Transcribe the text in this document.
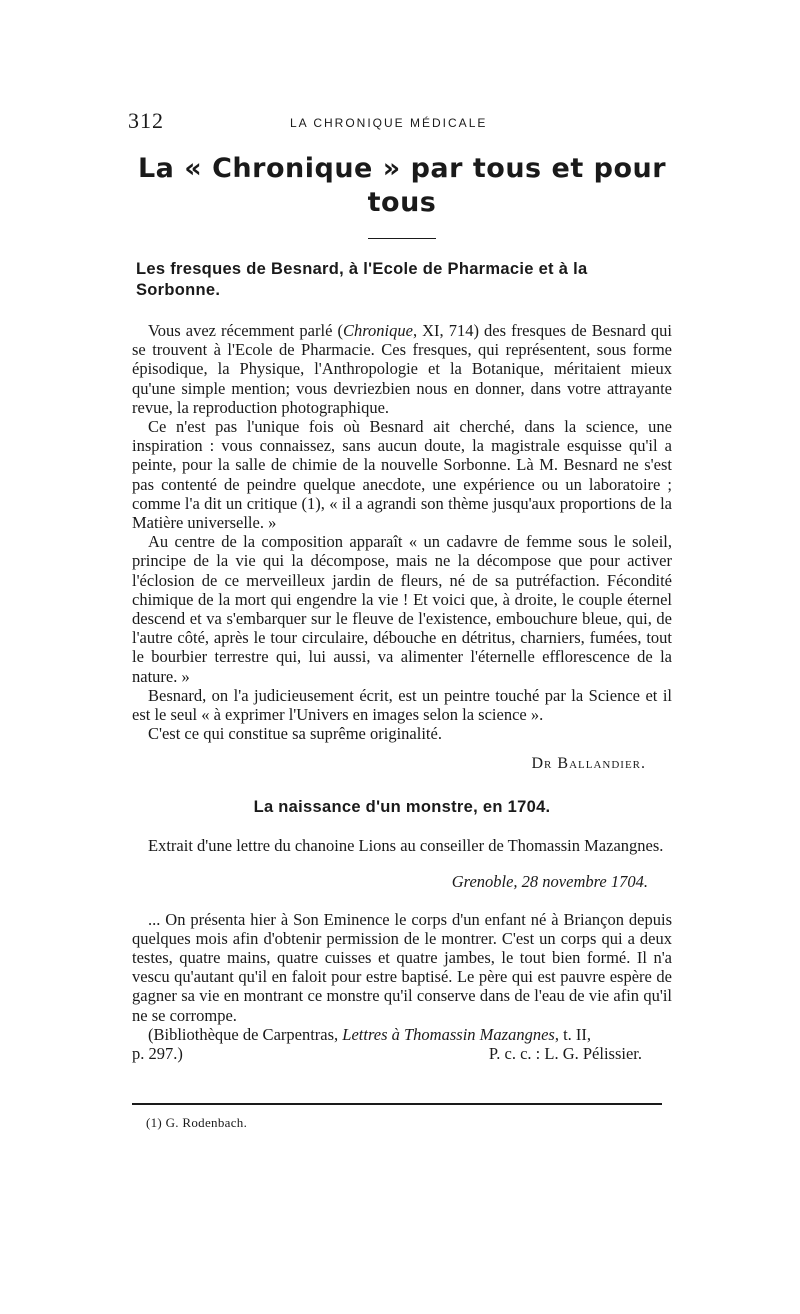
312	LA CHRONIQUE MÉDICALE
La « Chronique » par tous et pour tous
Les fresques de Besnard, à l'Ecole de Pharmacie et à la Sorbonne.

Vous avez récemment parlé (Chronique, XI, 714) des fresques de Besnard qui se trouvent à l'Ecole de Pharmacie. Ces fresques, qui représentent, sous forme épisodique, la Physique, l'Anthropologie et la Botanique, méritaient mieux qu'une simple mention; vous devriezbien nous en donner, dans votre attrayante revue, la reproduction photographique.

Ce n'est pas l'unique fois où Besnard ait cherché, dans la science, une inspiration : vous connaissez, sans aucun doute, la magistrale esquisse qu'il a peinte, pour la salle de chimie de la nouvelle Sorbonne. Là M. Besnard ne s'est pas contenté de peindre quelque anecdote, une expérience ou un laboratoire ; comme l'a dit un critique (1), « il a agrandi son thème jusqu'aux proportions de la Matière universelle. »

Au centre de la composition apparaît « un cadavre de femme sous le soleil, principe de la vie qui la décompose, mais ne la décompose que pour activer l'éclosion de ce merveilleux jardin de fleurs, né de sa putréfaction. Fécondité chimique de la mort qui engendre la vie ! Et voici que, à droite, le couple éternel descend et va s'embarquer sur le fleuve de l'existence, embouchure bleue, qui, de l'autre côté, après le tour circulaire, débouche en détritus, charniers, fumées, tout le bourbier terrestre qui, lui aussi, va alimenter l'éternelle efflorescence de la nature. »

Besnard, on l'a judicieusement écrit, est un peintre touché par la Science et il est le seul « à exprimer l'Univers en images selon la science ».

C'est ce qui constitue sa suprême originalité.

Dr Ballandier.
La naissance d'un monstre, en 1704.

Extrait d'une lettre du chanoine Lions au conseiller de Thomassin Mazangnes.

Grenoble, 28 novembre 1704.

... On présenta hier à Son Eminence le corps d'un enfant né à Briançon depuis quelques mois afin d'obtenir permission de le montrer. C'est un corps qui a deux testes, quatre mains, quatre cuisses et quatre jambes, le tout bien formé. Il n'a vescu qu'autant qu'il en faloit pour estre baptisé. Le père qui est pauvre espère de gagner sa vie en montrant ce monstre qu'il conserve dans de l'eau de vie afin qu'il ne se corrompe.

(Bibliothèque de Carpentras, Lettres à Thomassin Mazangnes, t. II,

p. 297.)	P. c. c. : L. G. Pélissier.
(1) G. Rodenbach.
